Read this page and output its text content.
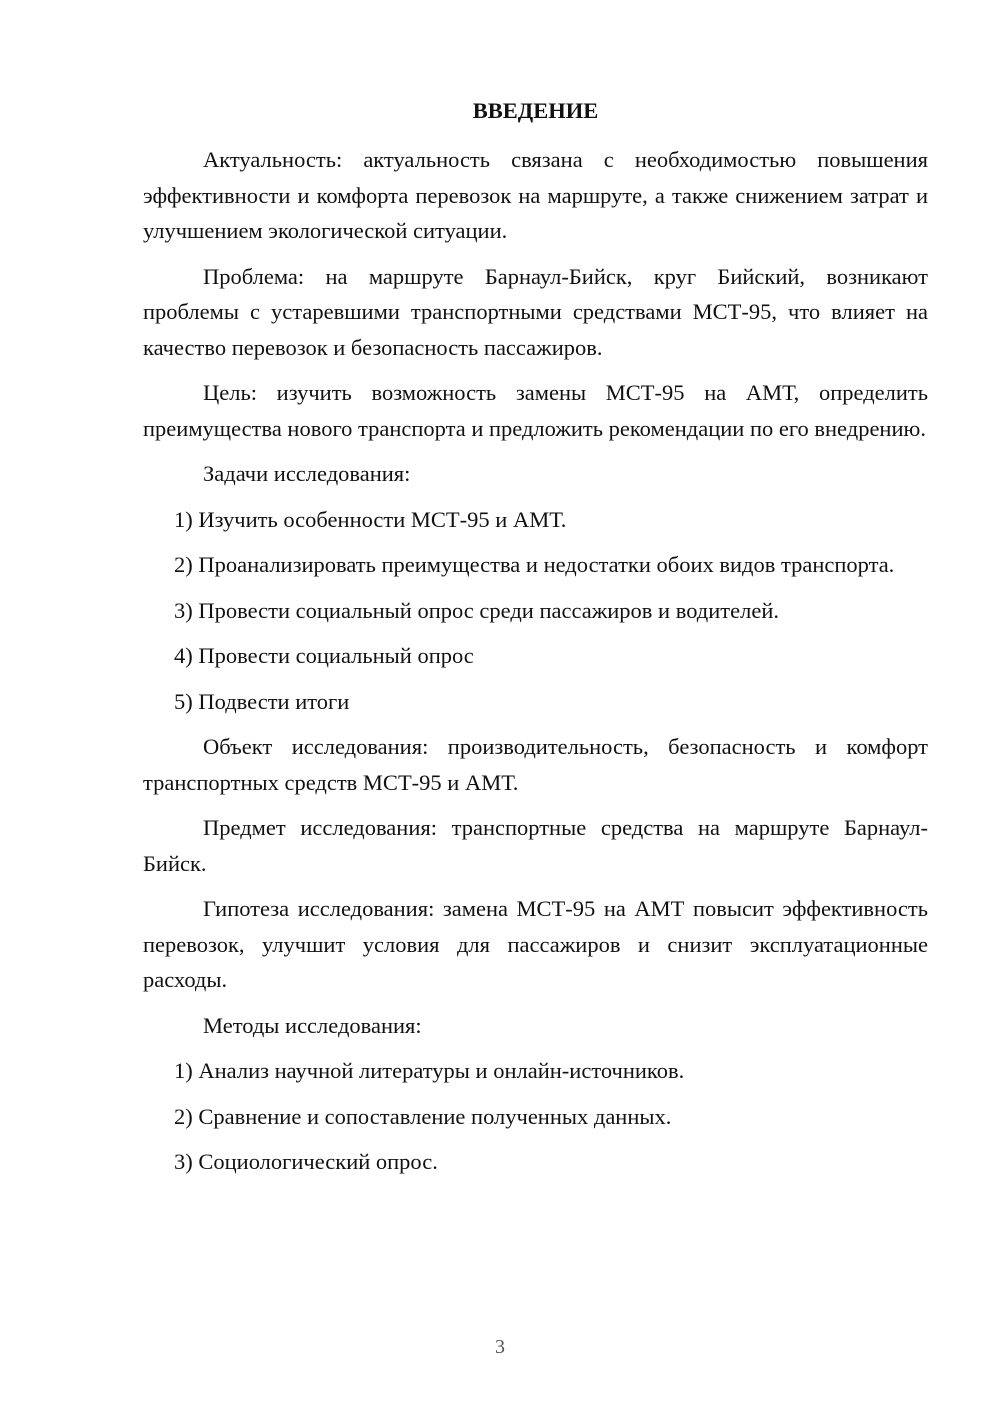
ВВЕДЕНИЕ

Актуальность: актуальность связана с необходимостью повышения эффективности и комфорта перевозок на маршруте, а также снижением затрат и улучшением экологической ситуации.

Проблема: на маршруте Барнаул-Бийск, круг Бийский, возникают проблемы с устаревшими транспортными средствами МСТ-95, что влияет на качество перевозок и безопасность пассажиров.

Цель: изучить возможность замены МСТ-95 на АМТ, определить преимущества нового транспорта и предложить рекомендации по его внедрению.

Задачи исследования:

1) Изучить особенности МСТ-95 и АМТ.

2) Проанализировать преимущества и недостатки обоих видов транспорта.

3) Провести социальный опрос среди пассажиров и водителей.

4) Провести социальный опрос

5) Подвести итоги

Объект исследования: производительность, безопасность и комфорт транспортных средств МСТ-95 и АМТ.

Предмет исследования: транспортные средства на маршруте Барнаул-Бийск.

Гипотеза исследования: замена МСТ-95 на АМТ повысит эффективность перевозок, улучшит условия для пассажиров и снизит эксплуатационные расходы.

Методы исследования:

1) Анализ научной литературы и онлайн-источников.

2) Сравнение и сопоставление полученных данных.

3) Социологический опрос.

3
